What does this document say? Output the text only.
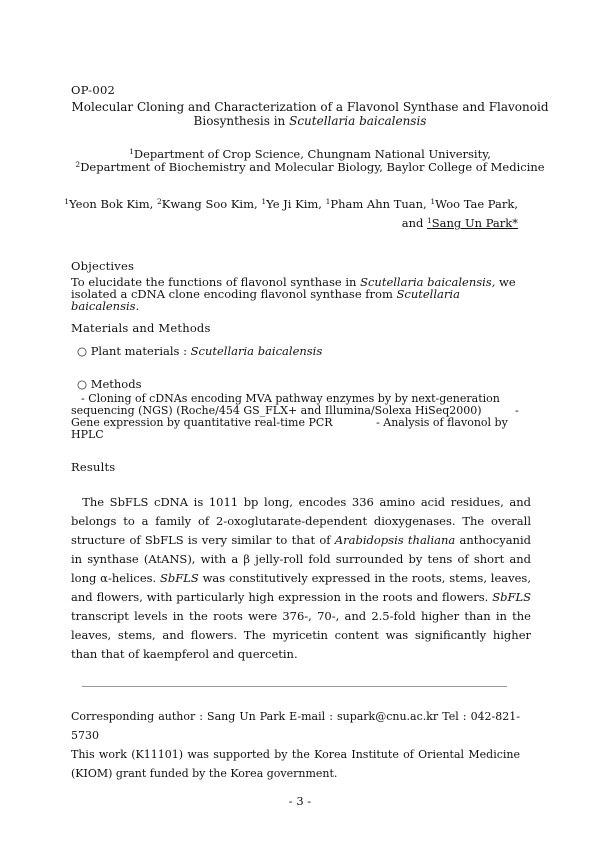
OP-002
Molecular Cloning and Characterization of a Flavonol Synthase and Flavonoid
Biosynthesis in Scutellaria baicalensis
$^1$Department of Crop Science, Chungnam National University,
$^2$Department of Biochemistry and Molecular Biology, Baylor College of Medicine
$^1$Yeon Bok Kim, $^2$Kwang Soo Kim, $^1$Ye Ji Kim, $^1$Pham Ahn Tuan, $^1$Woo Tae Park,
and $^1$Sang Un Park*
Objectives
To elucidate the functions of flavonol synthase in Scutellaria baicalensis, we isolated a cDNA clone encoding flavonol synthase from Scutellaria baicalensis.
Materials and Methods
○ Plant materials : Scutellaria baicalensis
○ Methods
- Cloning of cDNAs encoding MVA pathway enzymes by by next-generation sequencing (NGS) (Roche/454 GS_FLX+ and Illumina/Solexa HiSeq2000)	- Gene expression by quantitative real-time PCR	- Analysis of flavonol by HPLC
Results
The SbFLS cDNA is 1011 bp long, encodes 336 amino acid residues, and belongs to a family of 2-oxoglutarate-dependent dioxygenases. The overall structure of SbFLS is very similar to that of Arabidopsis thaliana anthocyanid in synthase (AtANS), with a β jelly-roll fold surrounded by tens of short and long α-helices. SbFLS was constitutively expressed in the roots, stems, leaves, and flowers, with particularly high expression in the roots and flowers. SbFLS transcript levels in the roots were 376-, 70-, and 2.5-fold higher than in the leaves, stems, and flowers. The myricetin content was significantly higher than that of kaempferol and quercetin.
Corresponding author : Sang Un Park E-mail : supark@cnu.ac.kr Tel : 042-821-5730
This work (K11101) was supported by the Korea Institute of Oriental Medicine (KIOM) grant funded by the Korea government.
- 3 -
